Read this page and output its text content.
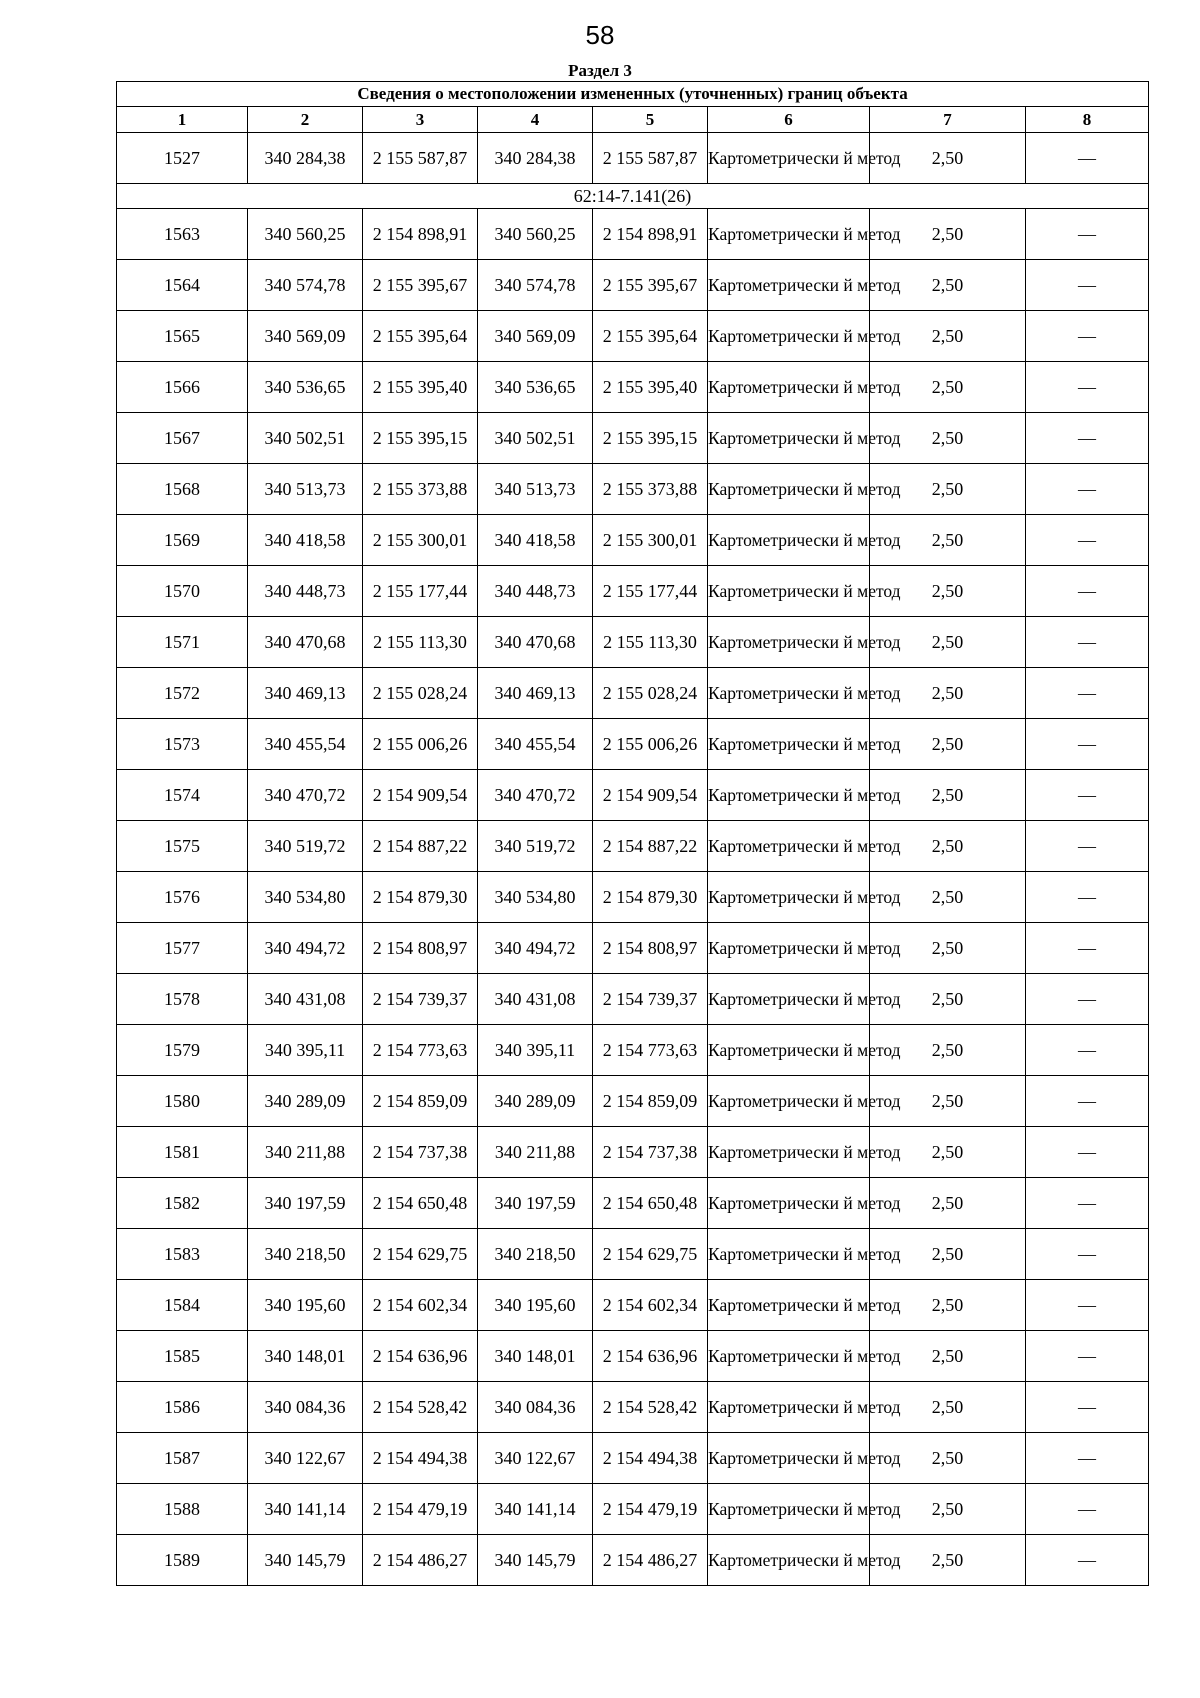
58
Раздел 3
Сведения о местоположении измененных (уточненных) границ объекта							
1	2	3	4	5	6	7	8
1527	340 284,38	2 155 587,87	340 284,38	2 155 587,87	Картометрически й метод	2,50	—
62:14-7.141(26)							
1563	340 560,25	2 154 898,91	340 560,25	2 154 898,91	Картометрически й метод	2,50	—
1564	340 574,78	2 155 395,67	340 574,78	2 155 395,67	Картометрически й метод	2,50	—
1565	340 569,09	2 155 395,64	340 569,09	2 155 395,64	Картометрически й метод	2,50	—
1566	340 536,65	2 155 395,40	340 536,65	2 155 395,40	Картометрически й метод	2,50	—
1567	340 502,51	2 155 395,15	340 502,51	2 155 395,15	Картометрически й метод	2,50	—
1568	340 513,73	2 155 373,88	340 513,73	2 155 373,88	Картометрически й метод	2,50	—
1569	340 418,58	2 155 300,01	340 418,58	2 155 300,01	Картометрически й метод	2,50	—
1570	340 448,73	2 155 177,44	340 448,73	2 155 177,44	Картометрически й метод	2,50	—
1571	340 470,68	2 155 113,30	340 470,68	2 155 113,30	Картометрически й метод	2,50	—
1572	340 469,13	2 155 028,24	340 469,13	2 155 028,24	Картометрически й метод	2,50	—
1573	340 455,54	2 155 006,26	340 455,54	2 155 006,26	Картометрически й метод	2,50	—
1574	340 470,72	2 154 909,54	340 470,72	2 154 909,54	Картометрически й метод	2,50	—
1575	340 519,72	2 154 887,22	340 519,72	2 154 887,22	Картометрически й метод	2,50	—
1576	340 534,80	2 154 879,30	340 534,80	2 154 879,30	Картометрически й метод	2,50	—
1577	340 494,72	2 154 808,97	340 494,72	2 154 808,97	Картометрически й метод	2,50	—
1578	340 431,08	2 154 739,37	340 431,08	2 154 739,37	Картометрически й метод	2,50	—
1579	340 395,11	2 154 773,63	340 395,11	2 154 773,63	Картометрически й метод	2,50	—
1580	340 289,09	2 154 859,09	340 289,09	2 154 859,09	Картометрически й метод	2,50	—
1581	340 211,88	2 154 737,38	340 211,88	2 154 737,38	Картометрически й метод	2,50	—
1582	340 197,59	2 154 650,48	340 197,59	2 154 650,48	Картометрически й метод	2,50	—
1583	340 218,50	2 154 629,75	340 218,50	2 154 629,75	Картометрически й метод	2,50	—
1584	340 195,60	2 154 602,34	340 195,60	2 154 602,34	Картометрически й метод	2,50	—
1585	340 148,01	2 154 636,96	340 148,01	2 154 636,96	Картометрически й метод	2,50	—
1586	340 084,36	2 154 528,42	340 084,36	2 154 528,42	Картометрически й метод	2,50	—
1587	340 122,67	2 154 494,38	340 122,67	2 154 494,38	Картометрически й метод	2,50	—
1588	340 141,14	2 154 479,19	340 141,14	2 154 479,19	Картометрически й метод	2,50	—
1589	340 145,79	2 154 486,27	340 145,79	2 154 486,27	Картометрически й метод	2,50	—
